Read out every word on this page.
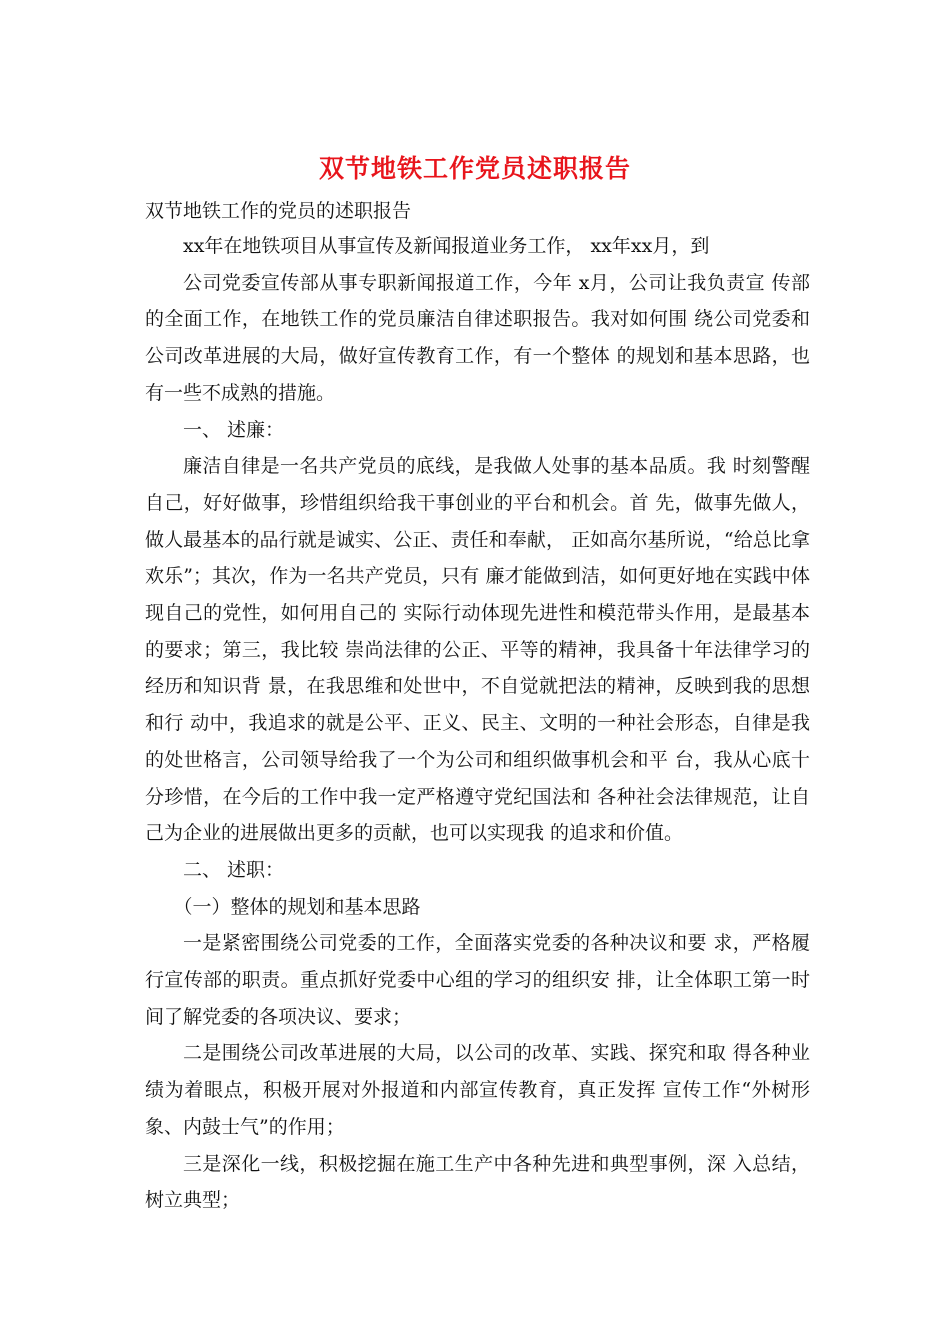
双节地铁工作党员述职报告
双节地铁工作的党员的述职报告

xx年在地铁项目从事宣传及新闻报道业务工作， xx年xx月，到

公司党委宣传部从事专职新闻报道工作，今年 x月，公司让我负责宣 传部的全面工作，在地铁工作的党员廉洁自律述职报告。我对如何围 绕公司党委和公司改革进展的大局，做好宣传教育工作，有一个整体 的规划和基本思路，也有一些不成熟的措施。

一、 述廉：

廉洁自律是一名共产党员的底线，是我做人处事的基本品质。我 时刻警醒自己，好好做事，珍惜组织给我干事创业的平台和机会。首 先，做事先做人，做人最基本的品行就是诚实、公正、责任和奉献， 正如高尔基所说，“给总比拿欢乐”；其次，作为一名共产党员，只有 廉才能做到洁，如何更好地在实践中体现自己的党性，如何用自己的 实际行动体现先进性和模范带头作用，是最基本的要求；第三，我比较 崇尚法律的公正、平等的精神，我具备十年法律学习的经历和知识背 景，在我思维和处世中，不自觉就把法的精神，反映到我的思想和行 动中，我追求的就是公平、正义、民主、文明的一种社会形态，自律是我的处世格言，公司领导给我了一个为公司和组织做事机会和平 台，我从心底十分珍惜，在今后的工作中我一定严格遵守党纪国法和 各种社会法律规范，让自己为企业的进展做出更多的贡献，也可以实现我 的追求和价值。

二、 述职：

（一）整体的规划和基本思路

一是紧密围绕公司党委的工作，全面落实党委的各种决议和要 求，严格履行宣传部的职责。重点抓好党委中心组的学习的组织安 排，让全体职工第一时间了解党委的各项决议、要求；

二是围绕公司改革进展的大局，以公司的改革、实践、探究和取 得各种业绩为着眼点，积极开展对外报道和内部宣传教育，真正发挥 宣传工作“外树形象、内鼓士气”的作用；

三是深化一线，积极挖掘在施工生产中各种先进和典型事例，深 入总结，树立典型；
